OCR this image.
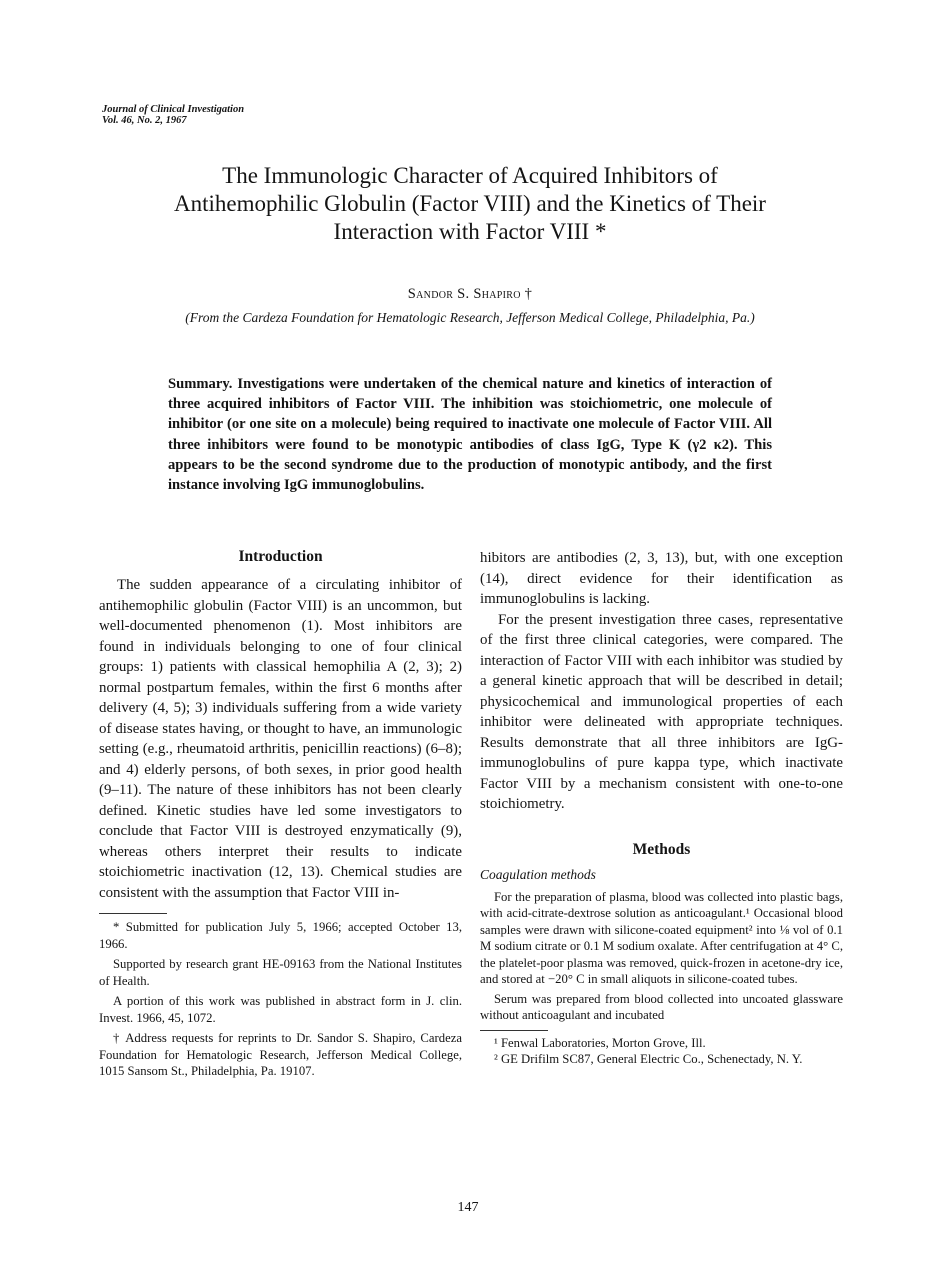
Journal of Clinical Investigation
Vol. 46, No. 2, 1967
The Immunologic Character of Acquired Inhibitors of Antihemophilic Globulin (Factor VIII) and the Kinetics of Their Interaction with Factor VIII *
Sandor S. Shapiro †
(From the Cardeza Foundation for Hematologic Research, Jefferson Medical College, Philadelphia, Pa.)
Summary. Investigations were undertaken of the chemical nature and kinetics of interaction of three acquired inhibitors of Factor VIII. The inhibition was stoichiometric, one molecule of inhibitor (or one site on a molecule) being required to inactivate one molecule of Factor VIII. All three inhibitors were found to be monotypic antibodies of class IgG, Type K (γ2 κ2). This appears to be the second syndrome due to the production of monotypic antibody, and the first instance involving IgG immunoglobulins.

Introduction

The sudden appearance of a circulating inhibitor of antihemophilic globulin (Factor VIII) is an uncommon, but well-documented phenomenon (1). Most inhibitors are found in individuals belonging to one of four clinical groups: 1) patients with classical hemophilia A (2, 3); 2) normal postpartum females, within the first 6 months after delivery (4, 5); 3) individuals suffering from a wide variety of disease states having, or thought to have, an immunologic setting (e.g., rheumatoid arthritis, penicillin reactions) (6–8); and 4) elderly persons, of both sexes, in prior good health (9–11). The nature of these inhibitors has not been clearly defined. Kinetic studies have led some investigators to conclude that Factor VIII is destroyed enzymatically (9), whereas others interpret their results to indicate stoichiometric inactivation (12, 13). Chemical studies are consistent with the assumption that Factor VIII in-

* Submitted for publication July 5, 1966; accepted October 13, 1966.

Supported by research grant HE-09163 from the National Institutes of Health.

A portion of this work was published in abstract form in J. clin. Invest. 1966, 45, 1072.

† Address requests for reprints to Dr. Sandor S. Shapiro, Cardeza Foundation for Hematologic Research, Jefferson Medical College, 1015 Sansom St., Philadelphia, Pa. 19107.

hibitors are antibodies (2, 3, 13), but, with one exception (14), direct evidence for their identification as immunoglobulins is lacking.

For the present investigation three cases, representative of the first three clinical categories, were compared. The interaction of Factor VIII with each inhibitor was studied by a general kinetic approach that will be described in detail; physicochemical and immunological properties of each inhibitor were delineated with appropriate techniques. Results demonstrate that all three inhibitors are IgG-immunoglobulins of pure kappa type, which inactivate Factor VIII by a mechanism consistent with one-to-one stoichiometry.

Methods

Coagulation methods

For the preparation of plasma, blood was collected into plastic bags, with acid-citrate-dextrose solution as anticoagulant.¹ Occasional blood samples were drawn with silicone-coated equipment² into ⅛ vol of 0.1 M sodium citrate or 0.1 M sodium oxalate. After centrifugation at 4° C, the platelet-poor plasma was removed, quick-frozen in acetone-dry ice, and stored at −20° C in small aliquots in silicone-coated tubes.

Serum was prepared from blood collected into uncoated glassware without anticoagulant and incubated

¹ Fenwal Laboratories, Morton Grove, Ill.

² GE Drifilm SC87, General Electric Co., Schenectady, N. Y.

147
